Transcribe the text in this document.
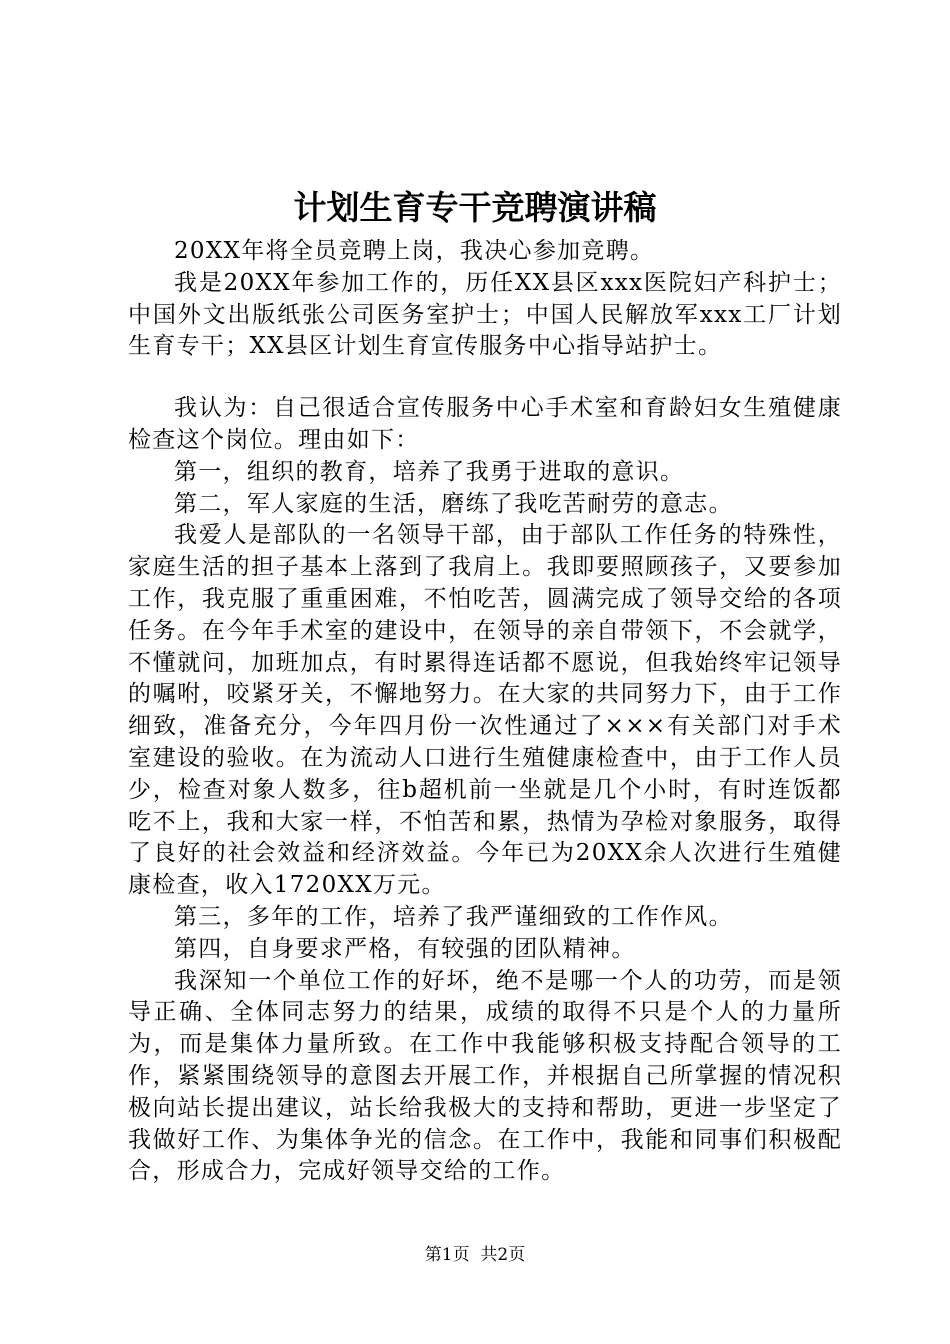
计划生育专干竞聘演讲稿

20XX年将全员竞聘上岗，我决心参加竞聘。

我是20XX年参加工作的，历任XX县区xxx医院妇产科护士；中国外文出版纸张公司医务室护士；中国人民解放军xxx工厂计划生育专干；XX县区计划生育宣传服务中心指导站护士。

我认为：自己很适合宣传服务中心手术室和育龄妇女生殖健康检查这个岗位。理由如下：

第一，组织的教育，培养了我勇于进取的意识。

第二，军人家庭的生活，磨练了我吃苦耐劳的意志。

我爱人是部队的一名领导干部，由于部队工作任务的特殊性，家庭生活的担子基本上落到了我肩上。我即要照顾孩子，又要参加工作，我克服了重重困难，不怕吃苦，圆满完成了领导交给的各项任务。在今年手术室的建设中，在领导的亲自带领下，不会就学，不懂就问，加班加点，有时累得连话都不愿说，但我始终牢记领导的嘱咐，咬紧牙关，不懈地努力。在大家的共同努力下，由于工作细致，准备充分，今年四月份一次性通过了×××有关部门对手术室建设的验收。在为流动人口进行生殖健康检查中，由于工作人员少，检查对象人数多，往b超机前一坐就是几个小时，有时连饭都吃不上，我和大家一样，不怕苦和累，热情为孕检对象服务，取得了良好的社会效益和经济效益。今年已为20XX余人次进行生殖健康检查，收入1720XX万元。

第三，多年的工作，培养了我严谨细致的工作作风。

第四，自身要求严格，有较强的团队精神。

我深知一个单位工作的好坏，绝不是哪一个人的功劳，而是领导正确、全体同志努力的结果，成绩的取得不只是个人的力量所为，而是集体力量所致。在工作中我能够积极支持配合领导的工作，紧紧围绕领导的意图去开展工作，并根据自己所掌握的情况积极向站长提出建议，站长给我极大的支持和帮助，更进一步坚定了我做好工作、为集体争光的信念。在工作中，我能和同事们积极配合，形成合力，完成好领导交给的工作。

第1页 共2页
